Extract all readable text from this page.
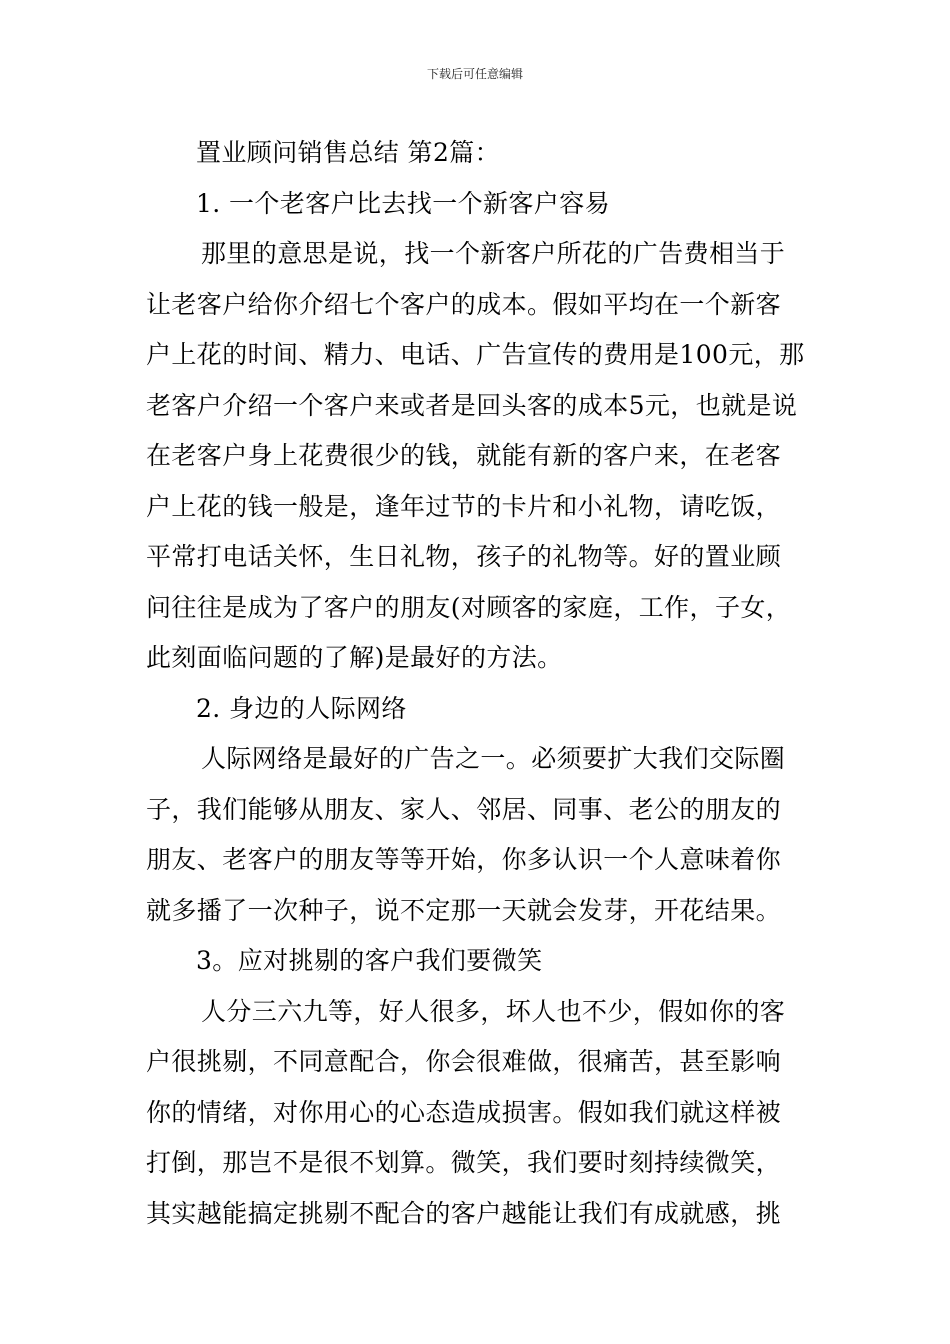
下载后可任意编辑
置业顾问销售总结 第2篇：
1. 一个老客户比去找一个新客户容易
那里的意思是说，找一个新客户所花的广告费相当于
让老客户给你介绍七个客户的成本。假如平均在一个新客
户上花的时间、精力、电话、广告宣传的费用是100元，那
老客户介绍一个客户来或者是回头客的成本5元，也就是说
在老客户身上花费很少的钱，就能有新的客户来，在老客
户上花的钱一般是，逢年过节的卡片和小礼物，请吃饭，
平常打电话关怀，生日礼物，孩子的礼物等。好的置业顾
问往往是成为了客户的朋友(对顾客的家庭，工作，子女，
此刻面临问题的了解)是最好的方法。
2. 身边的人际网络
人际网络是最好的广告之一。必须要扩大我们交际圈
子，我们能够从朋友、家人、邻居、同事、老公的朋友的
朋友、老客户的朋友等等开始，你多认识一个人意味着你
就多播了一次种子，说不定那一天就会发芽，开花结果。
3。应对挑剔的客户我们要微笑
人分三六九等，好人很多，坏人也不少，假如你的客
户很挑剔，不同意配合，你会很难做，很痛苦，甚至影响
你的情绪，对你用心的心态造成损害。假如我们就这样被
打倒，那岂不是很不划算。微笑，我们要时刻持续微笑，
其实越能搞定挑剔不配合的客户越能让我们有成就感，挑
